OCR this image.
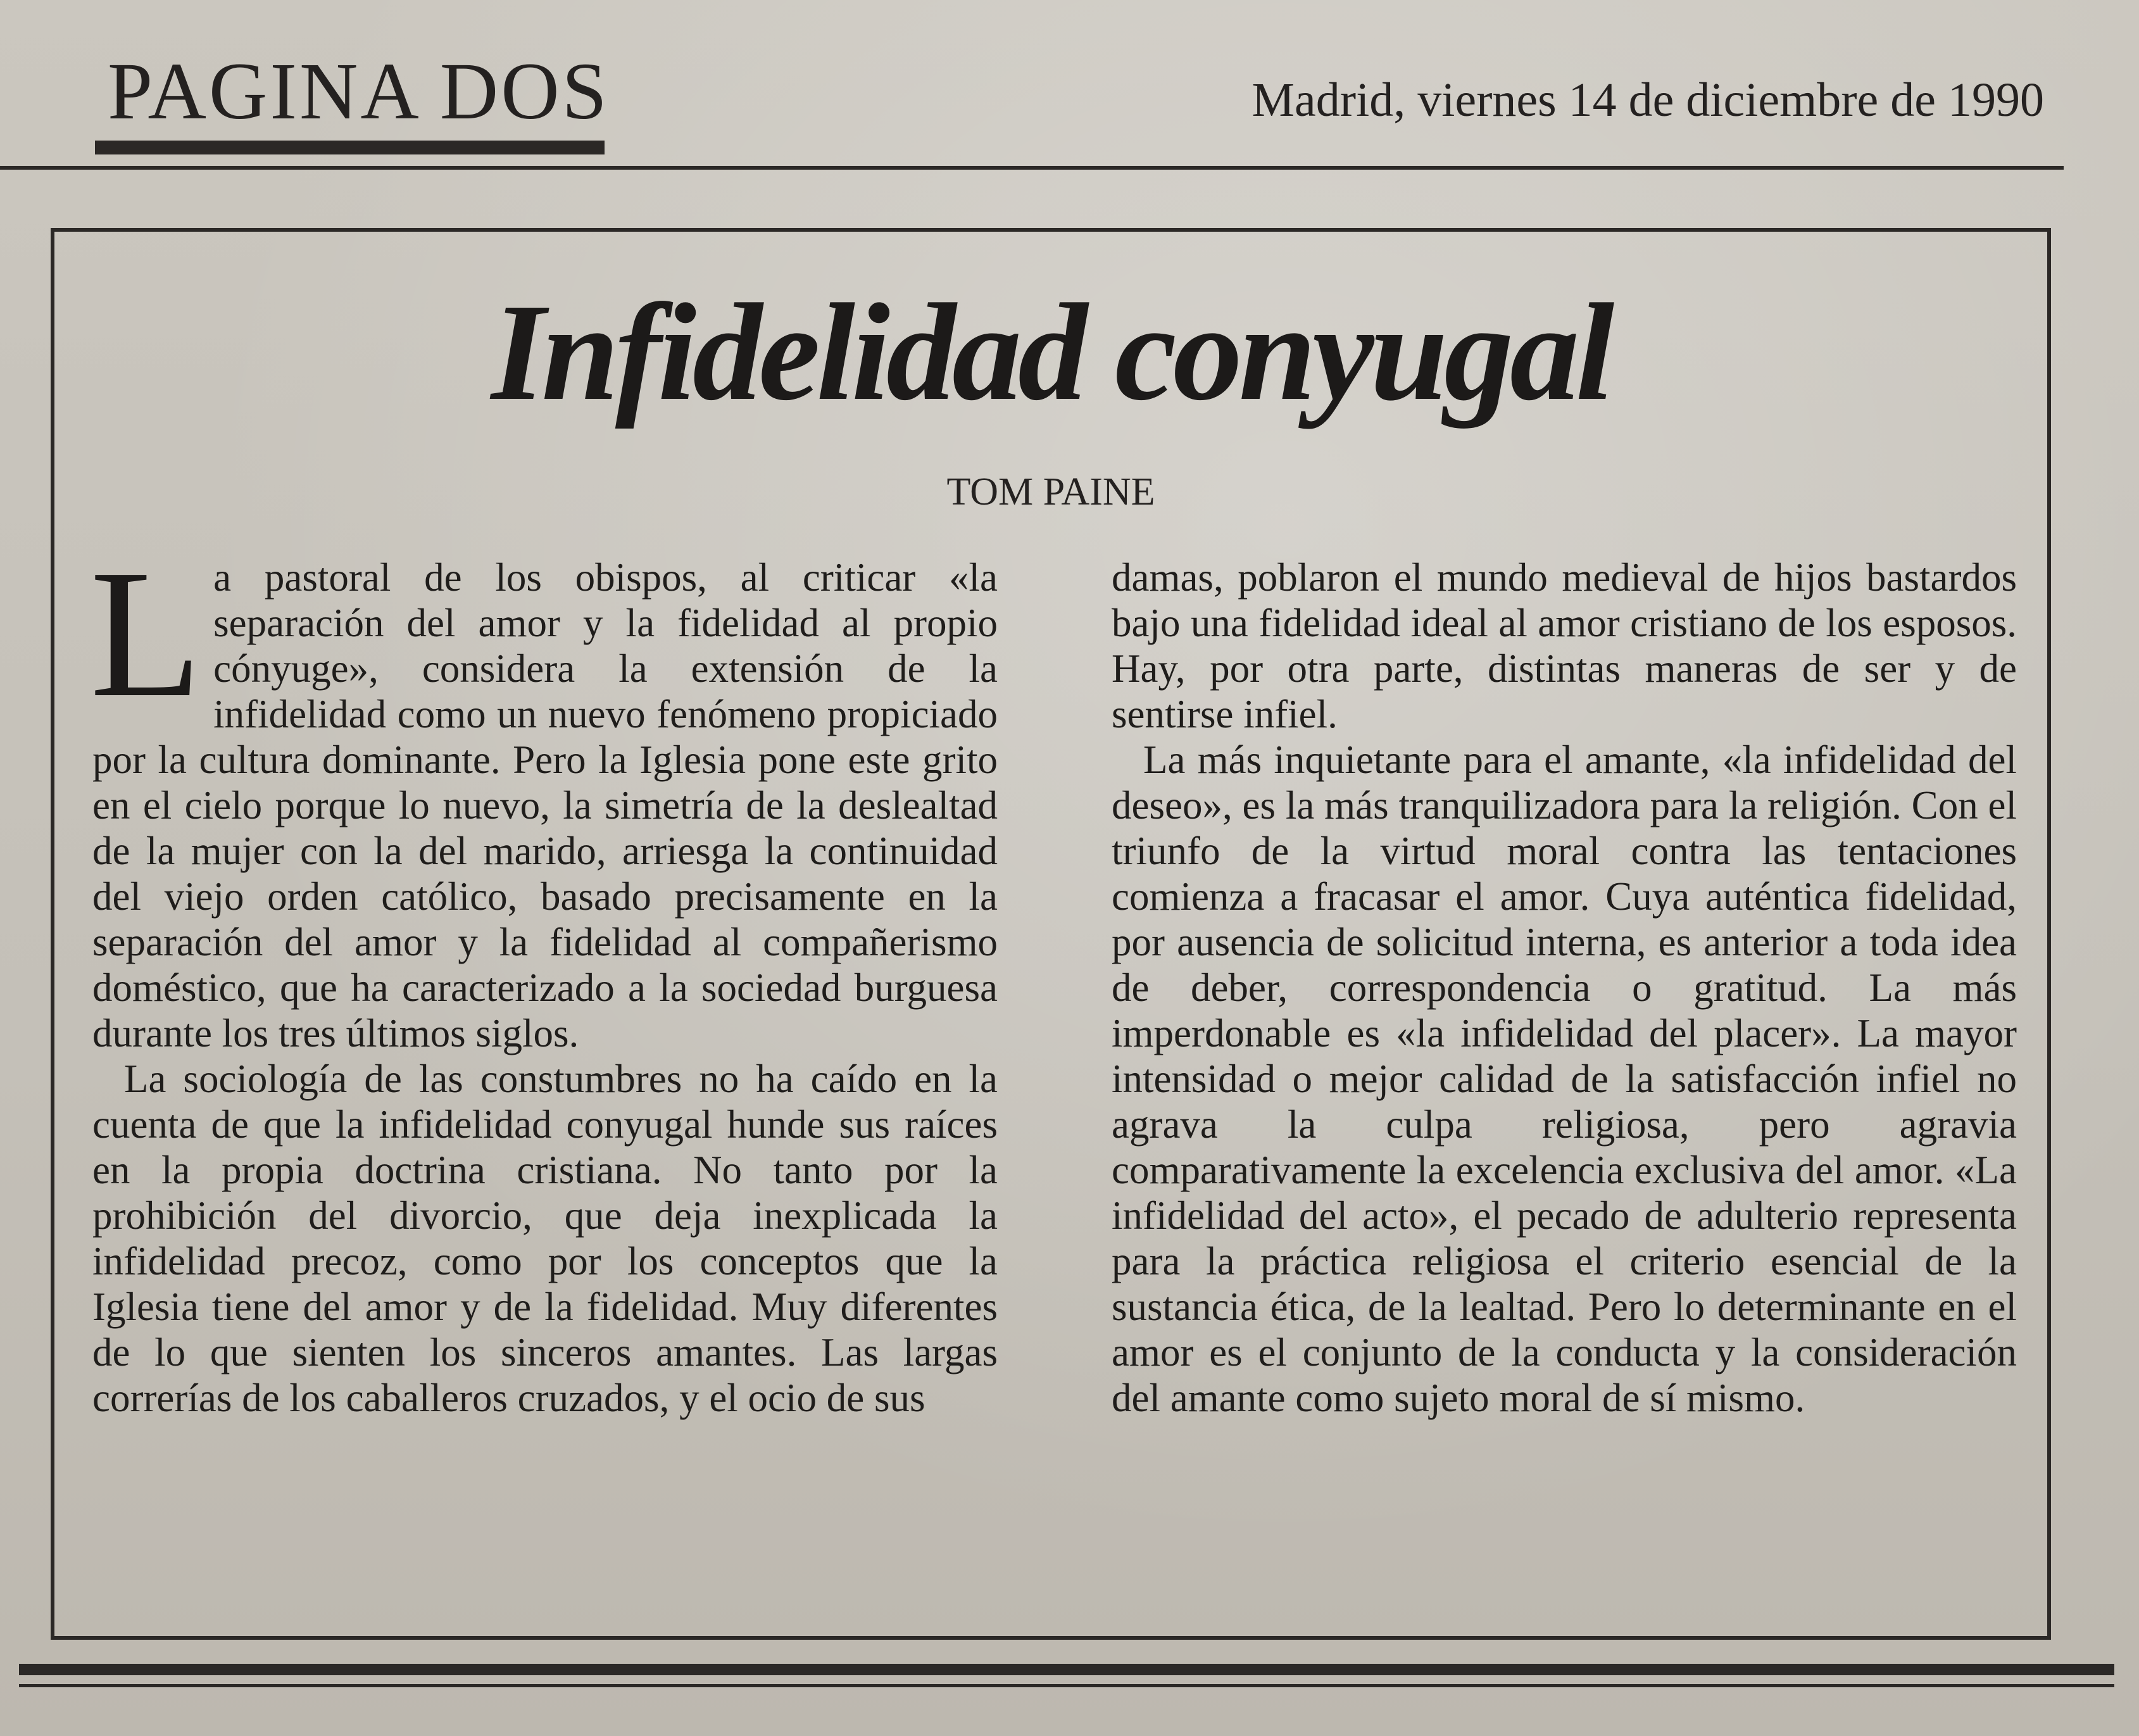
PAGINA DOS	Madrid, viernes 14 de diciembre de 1990
Infidelidad conyugal
TOM PAINE

La pastoral de los obispos, al criticar «la separación del amor y la fidelidad al propio cónyuge», considera la extensión de la infidelidad como un nuevo fenómeno propiciado por la cultura dominante. Pero la Iglesia pone este grito en el cielo porque lo nuevo, la simetría de la deslealtad de la mujer con la del marido, arriesga la continuidad del viejo orden católico, basado precisamente en la separación del amor y la fidelidad al compañerismo doméstico, que ha caracterizado a la sociedad burguesa durante los tres últimos siglos.

La sociología de las constumbres no ha caído en la cuenta de que la infidelidad conyugal hunde sus raíces en la propia doctrina cristiana. No tanto por la prohibición del divorcio, que deja inexplicada la infidelidad precoz, como por los conceptos que la Iglesia tiene del amor y de la fidelidad. Muy diferentes de lo que sienten los sinceros amantes. Las largas correrías de los caballeros cruzados, y el ocio de sus

damas, poblaron el mundo medieval de hijos bastardos bajo una fidelidad ideal al amor cristiano de los esposos. Hay, por otra parte, distintas maneras de ser y de sentirse infiel.

La más inquietante para el amante, «la infidelidad del deseo», es la más tranquilizadora para la religión. Con el triunfo de la virtud moral contra las tentaciones comienza a fracasar el amor. Cuya auténtica fidelidad, por ausencia de solicitud interna, es anterior a toda idea de deber, correspondencia o gratitud. La más imperdonable es «la infidelidad del placer». La mayor intensidad o mejor calidad de la satisfacción infiel no agrava la culpa religiosa, pero agravia comparativamente la excelencia exclusiva del amor. «La infidelidad del acto», el pecado de adulterio representa para la práctica religiosa el criterio esencial de la sustancia ética, de la lealtad. Pero lo determinante en el amor es el conjunto de la conducta y la consideración del amante como sujeto moral de sí mismo.
